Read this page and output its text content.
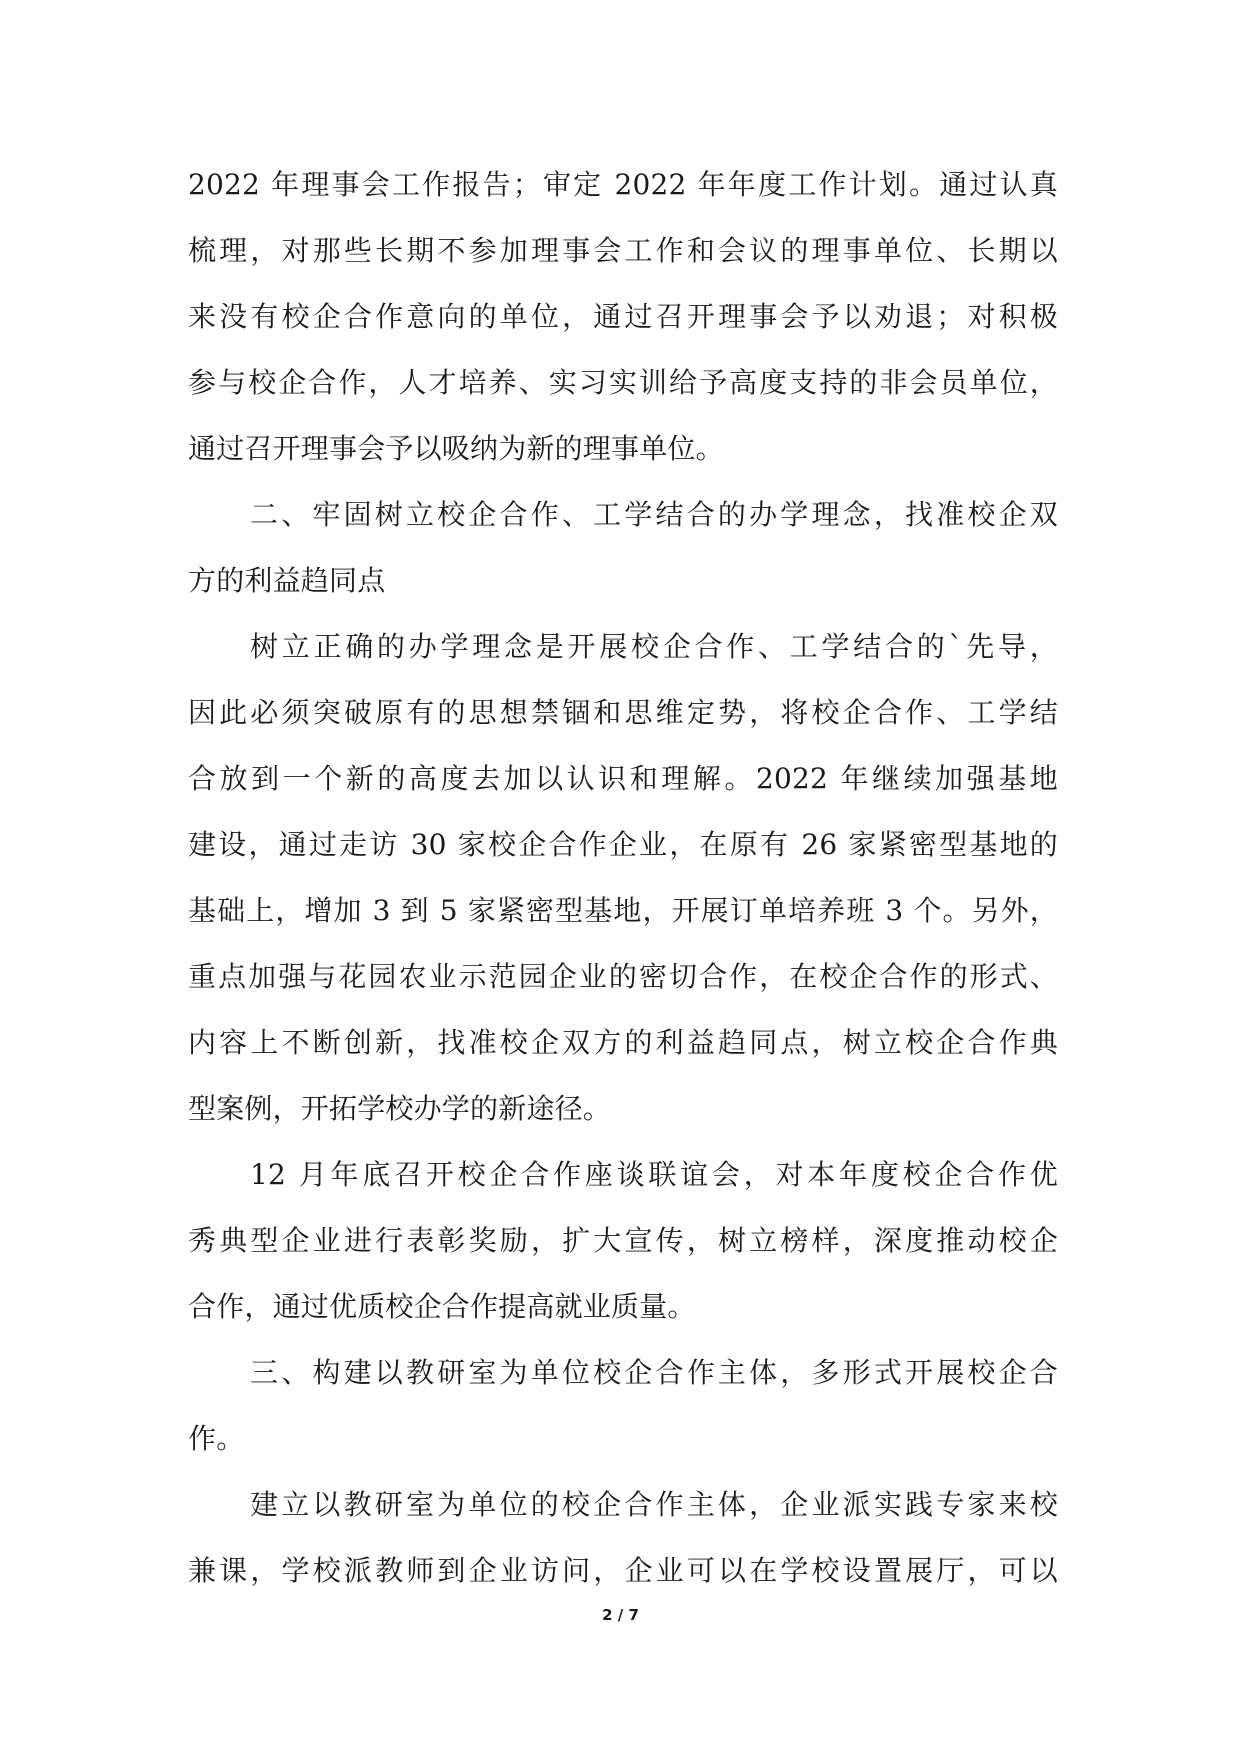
2022 年理事会工作报告；审定 2022 年年度工作计划。通过认真
梳理，对那些长期不参加理事会工作和会议的理事单位、长期以
来没有校企合作意向的单位，通过召开理事会予以劝退；对积极
参与校企合作，人才培养、实习实训给予高度支持的非会员单位，
通过召开理事会予以吸纳为新的理事单位。
二、牢固树立校企合作、工学结合的办学理念，找准校企双
方的利益趋同点
树立正确的办学理念是开展校企合作、工学结合的`先导，
因此必须突破原有的思想禁锢和思维定势，将校企合作、工学结
合放到一个新的高度去加以认识和理解。2022 年继续加强基地
建设，通过走访 30 家校企合作企业，在原有 26 家紧密型基地的
基础上，增加 3 到 5 家紧密型基地，开展订单培养班 3 个。另外，
重点加强与花园农业示范园企业的密切合作，在校企合作的形式、
内容上不断创新，找准校企双方的利益趋同点，树立校企合作典
型案例，开拓学校办学的新途径。
12 月年底召开校企合作座谈联谊会，对本年度校企合作优
秀典型企业进行表彰奖励，扩大宣传，树立榜样，深度推动校企
合作，通过优质校企合作提高就业质量。
三、构建以教研室为单位校企合作主体，多形式开展校企合
作。
建立以教研室为单位的校企合作主体，企业派实践专家来校
兼课，学校派教师到企业访问，企业可以在学校设置展厅，可以
2 / 7
